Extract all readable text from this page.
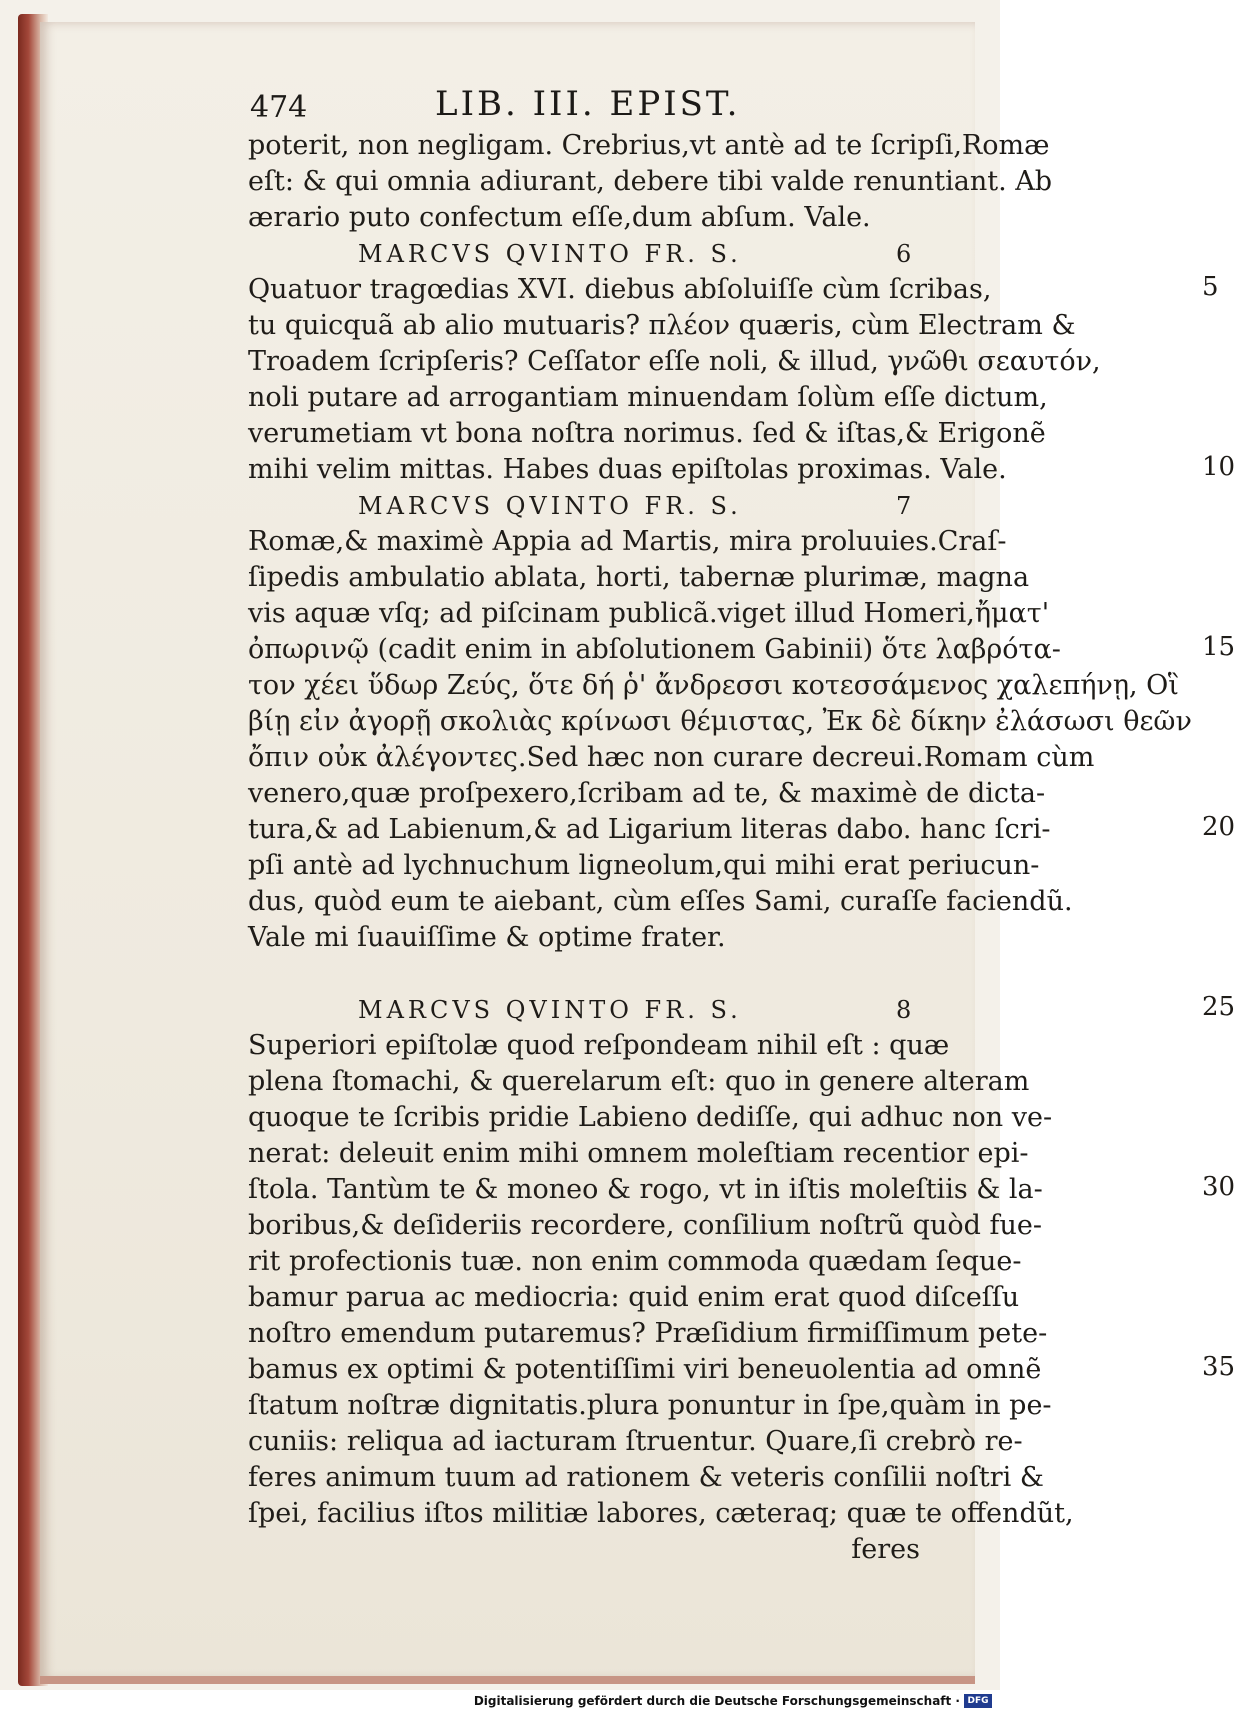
474	LIB. III. EPIST.
5
10
15
20
25
30
35
poterit, non negligam. Crebrius,vt antè ad te ſcripſi,Romæ
eſt: & qui omnia adiurant, debere tibi valde renuntiant. Ab
ærario puto confectum eſſe,dum abſum. Vale.
MARCVS QVINTO FR. S.	6
Quatuor tragœdias XVI. diebus abſoluiſſe cùm ſcribas,
tu quicquã ab alio mutuaris? πλέον quæris, cùm Electram &
Troadem ſcripſeris? Ceſſator eſſe noli, & illud, γνῶθι σεαυτόν,
noli putare ad arrogantiam minuendam ſolùm eſſe dictum,
verumetiam vt bona noſtra norimus. ſed & iſtas,& Erigonẽ
mihi velim mittas. Habes duas epiſtolas proximas. Vale.
MARCVS QVINTO FR. S.	7
Romæ,& maximè Appia ad Martis, mira proluuies.Craſ-
ſipedis ambulatio ablata, horti, tabernæ plurimæ, magna
vis aquæ vſq; ad piſcinam publicã.viget illud Homeri,ἤματ'
ὀπωρινῷ (cadit enim in abſolutionem Gabinii) ὅτε λαβρότα-
τον χέει ὕδωρ Ζεύς, ὅτε δή ῥ' ἄνδρεσσι κοτεσσάμενος χαλεπήνῃ, Οἳ
βίῃ εἰν ἀγορῇ σκολιὰς κρίνωσι θέμιστας, Ἐκ δὲ δίκην ἐλάσωσι θεῶν
ὄπιν οὐκ ἀλέγοντες.Sed hæc non curare decreui.Romam cùm
venero,quæ proſpexero,ſcribam ad te, & maximè de dicta-
tura,& ad Labienum,& ad Ligarium literas dabo. hanc ſcri-
pſi antè ad lychnuchum ligneolum,qui mihi erat periucun-
dus, quòd eum te aiebant, cùm eſſes Sami, curaſſe faciendũ.
Vale mi ſuauiſſime & optime frater.
MARCVS QVINTO FR. S.	8
Superiori epiſtolæ quod reſpondeam nihil eſt : quæ
plena ſtomachi, & querelarum eſt: quo in genere alteram
quoque te ſcribis pridie Labieno dediſſe, qui adhuc non ve-
nerat: deleuit enim mihi omnem moleſtiam recentior epi-
ſtola. Tantùm te & moneo & rogo, vt in iſtis moleſtiis & la-
boribus,& deſideriis recordere, conſilium noſtrũ quòd fue-
rit profectionis tuæ. non enim commoda quædam ſeque-
bamur parua ac mediocria: quid enim erat quod diſceſſu
noſtro emendum putaremus? Præſidium firmiſſimum pete-
bamus ex optimi & potentiſſimi viri beneuolentia ad omnẽ
ſtatum noſtræ dignitatis.plura ponuntur in ſpe,quàm in pe-
cuniis: reliqua ad iacturam ſtruentur. Quare,ſi crebrò re-
feres animum tuum ad rationem & veteris conſilii noſtri &
ſpei, facilius iſtos militiæ labores, cæteraq; quæ te offendũt,
feres
Digitalisierung gefördert durch die Deutsche Forschungsgemeinschaft · DFG
